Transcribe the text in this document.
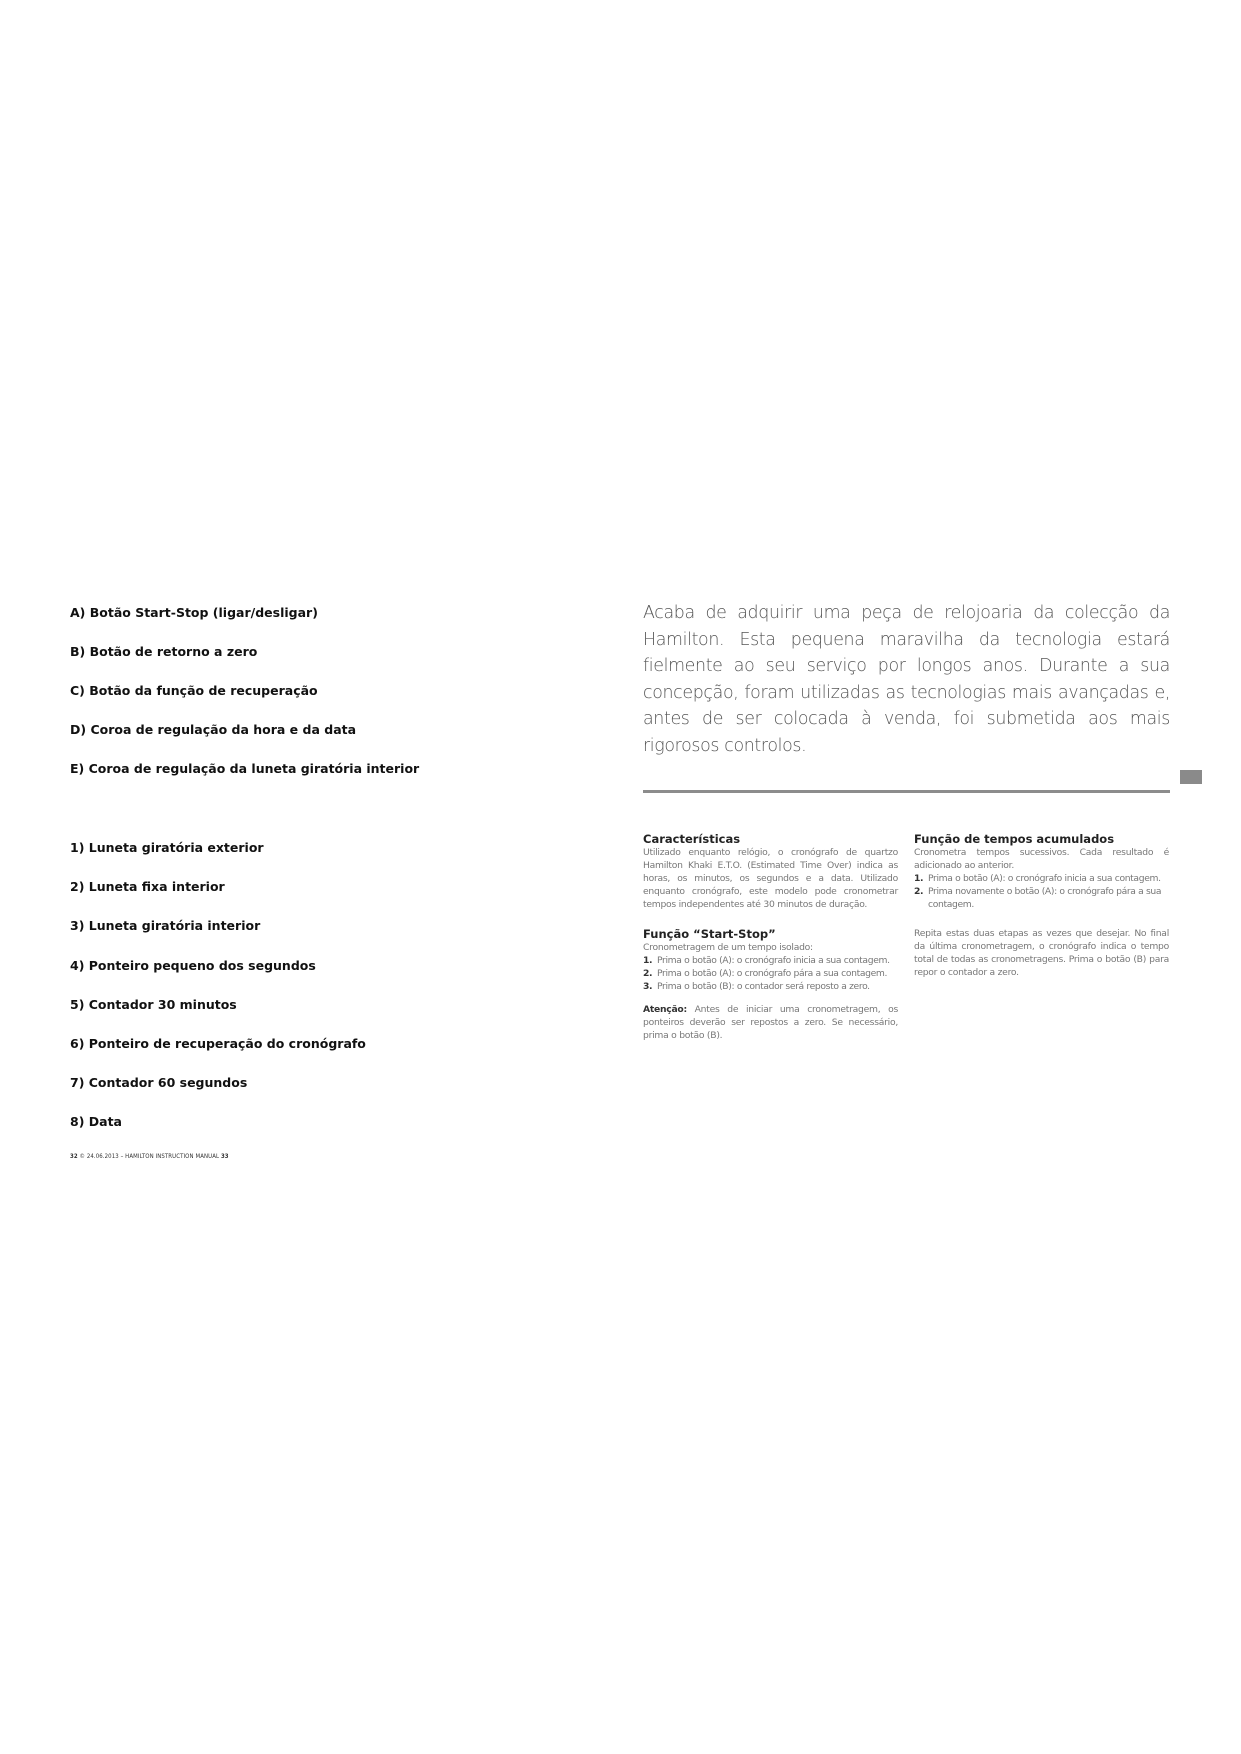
A) Botão Start-Stop (ligar/desligar)
B) Botão de retorno a zero
C) Botão da função de recuperação
D) Coroa de regulação da hora e da data
E) Coroa de regulação da luneta giratória interior
1) Luneta giratória exterior
2) Luneta fixa interior
3) Luneta giratória interior
4) Ponteiro pequeno dos segundos
5) Contador 30 minutos
6) Ponteiro de recuperação do cronógrafo
7) Contador 60 segundos
8) Data
32 © 24.06.2013 – HAMILTON INSTRUCTION MANUAL 33
Acaba de adquirir uma peça de relojoaria da colecção da Hamilton. Esta pequena maravilha da tecnologia estará fielmente ao seu serviço por longos anos. Durante a sua concepção, foram utilizadas as tecnologias mais avançadas e, antes de ser colocada à venda, foi submetida aos mais rigorosos controlos.
Características

Utilizado enquanto relógio, o cronógrafo de quartzo Hamilton Khaki E.T.O. (Estimated Time Over) indica as horas, os minutos, os segundos e a data. Utilizado enquanto cronógrafo, este modelo pode cronometrar tempos independentes até 30 minutos de duração.

Função “Start-Stop”

Cronometragem de um tempo isolado:

1. Prima o botão (A): o cronógrafo inicia a sua contagem.
2. Prima o botão (A): o cronógrafo pára a sua contagem.
3. Prima o botão (B): o contador será reposto a zero.

Atenção: Antes de iniciar uma cronometragem, os ponteiros deverão ser repostos a zero. Se necessário, prima o botão (B).

Função de tempos acumulados

Cronometra tempos sucessivos. Cada resultado é adicionado ao anterior.

1. Prima o botão (A): o cronógrafo inicia a sua contagem.
2. Prima novamente o botão (A): o cronógrafo pára a sua contagem.

Repita estas duas etapas as vezes que desejar. No final da última cronometragem, o cronógrafo indica o tempo total de todas as cronometragens. Prima o botão (B) para repor o contador a zero.
